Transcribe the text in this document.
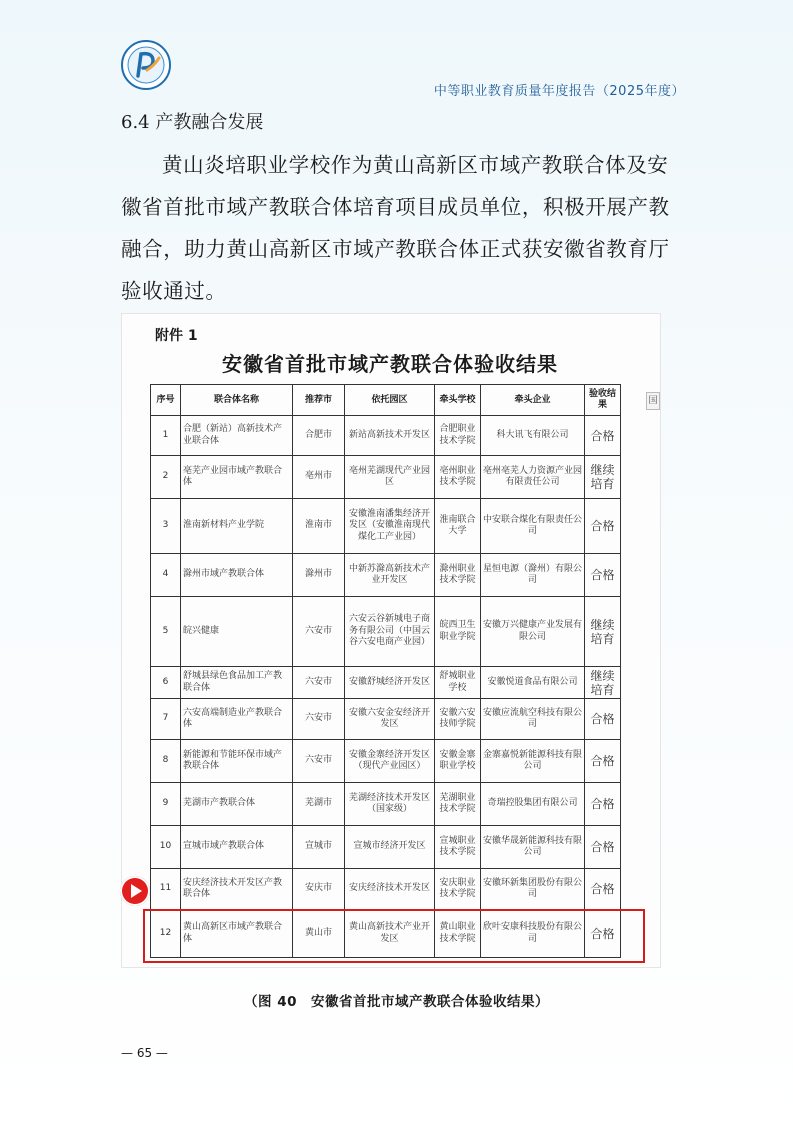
中等职业教育质量年度报告（2025年度）
6.4 产教融合发展
黄山炎培职业学校作为黄山高新区市域产教联合体及安徽省首批市域产教联合体培育项目成员单位，积极开展产教融合，助力黄山高新区市域产教联合体正式获安徽省教育厅验收通过。
附件 1
安徽省首批市域产教联合体验收结果
国
序号	联合体名称	推荐市	依托园区	牵头学校	牵头企业	验收结果
1	合肥（新站）高新技术产业联合体	合肥市	新站高新技术开发区	合肥职业技术学院	科大讯飞有限公司	合格
2	亳芜产业园市域产教联合体	亳州市	亳州芜湖现代产业园区	亳州职业技术学院	亳州亳芜人力资源产业园有限责任公司	继续培育
3	淮南新材料产业学院	淮南市	安徽淮南潘集经济开发区（安徽淮南现代煤化工产业园）	淮南联合大学	中安联合煤化有限责任公司	合格
4	滁州市域产教联合体	滁州市	中新苏滁高新技术产业开发区	滁州职业技术学院	星恒电源（滁州）有限公司	合格
5	皖兴健康	六安市	六安云谷新城电子商务有限公司（中国云谷六安电商产业园）	皖西卫生职业学院	安徽万兴健康产业发展有限公司	继续培育
6	舒城县绿色食品加工产教联合体	六安市	安徽舒城经济开发区	舒城职业学校	安徽悦道食品有限公司	继续培育
7	六安高端制造业产教联合体	六安市	安徽六安金安经济开发区	安徽六安技师学院	安徽应流航空科技有限公司	合格
8	新能源和节能环保市域产教联合体	六安市	安徽金寨经济开发区（现代产业园区）	安徽金寨职业学校	金寨嘉悦新能源科技有限公司	合格
9	芜湖市产教联合体	芜湖市	芜湖经济技术开发区（国家级）	芜湖职业技术学院	奇瑞控股集团有限公司	合格
10	宣城市域产教联合体	宣城市	宣城市经济开发区	宣城职业技术学院	安徽华晟新能源科技有限公司	合格
11	安庆经济技术开发区产教联合体	安庆市	安庆经济技术开发区	安庆职业技术学院	安徽环新集团股份有限公司	合格
12	黄山高新区市域产教联合体	黄山市	黄山高新技术产业开发区	黄山职业技术学院	欣叶安康科技股份有限公司	合格
（图 40　安徽省首批市域产教联合体验收结果）
— 65 —
